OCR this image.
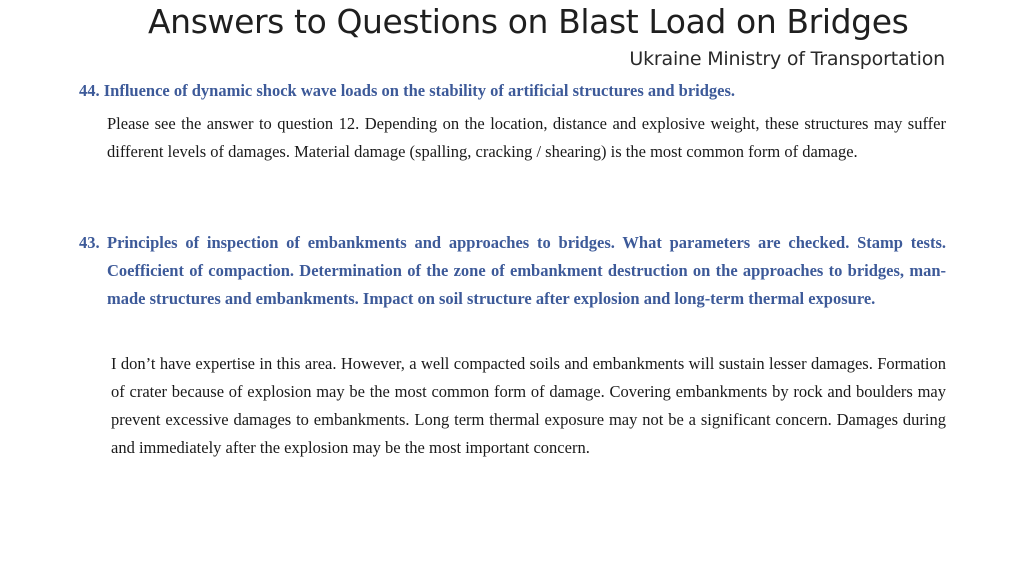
Answers to Questions on Blast Load on Bridges
Ukraine Ministry of Transportation
44. Influence of dynamic shock wave loads on the stability of artificial structures and bridges.
Please see the answer to question 12. Depending on the location, distance and explosive weight, these structures may suffer different levels of damages. Material damage (spalling, cracking / shearing) is the most common form of damage.
43. Principles of inspection of embankments and approaches to bridges. What parameters are checked. Stamp tests. Coefficient of compaction. Determination of the zone of embankment destruction on the approaches to bridges, man-made structures and embankments. Impact on soil structure after explosion and long-term thermal exposure.
I don’t have expertise in this area. However, a well compacted soils and embankments will sustain lesser damages. Formation of crater because of explosion may be the most common form of damage. Covering embankments by rock and boulders may prevent excessive damages to embankments. Long term thermal exposure may not be a significant concern. Damages during and immediately after the explosion may be the most important concern.
